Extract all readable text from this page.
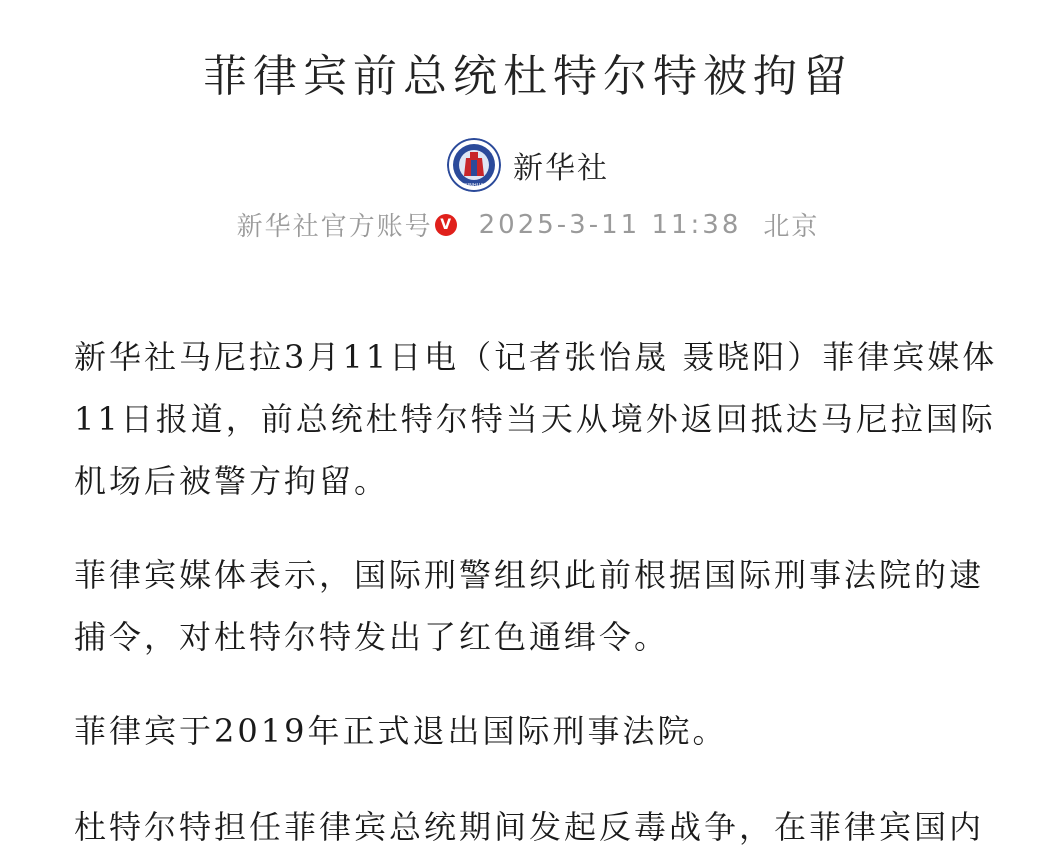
菲律宾前总统杜特尔特被拘留
XINHUA 新华社
新华社官方账号 V 2025-3-11 11:38 北京

新华社马尼拉3月11日电（记者张怡晟 聂晓阳）菲律宾媒体11日报道，前总统杜特尔特当天从境外返回抵达马尼拉国际机场后被警方拘留。

菲律宾媒体表示，国际刑警组织此前根据国际刑事法院的逮捕令，对杜特尔特发出了红色通缉令。

菲律宾于2019年正式退出国际刑事法院。

杜特尔特担任菲律宾总统期间发起反毒战争，在菲律宾国内
